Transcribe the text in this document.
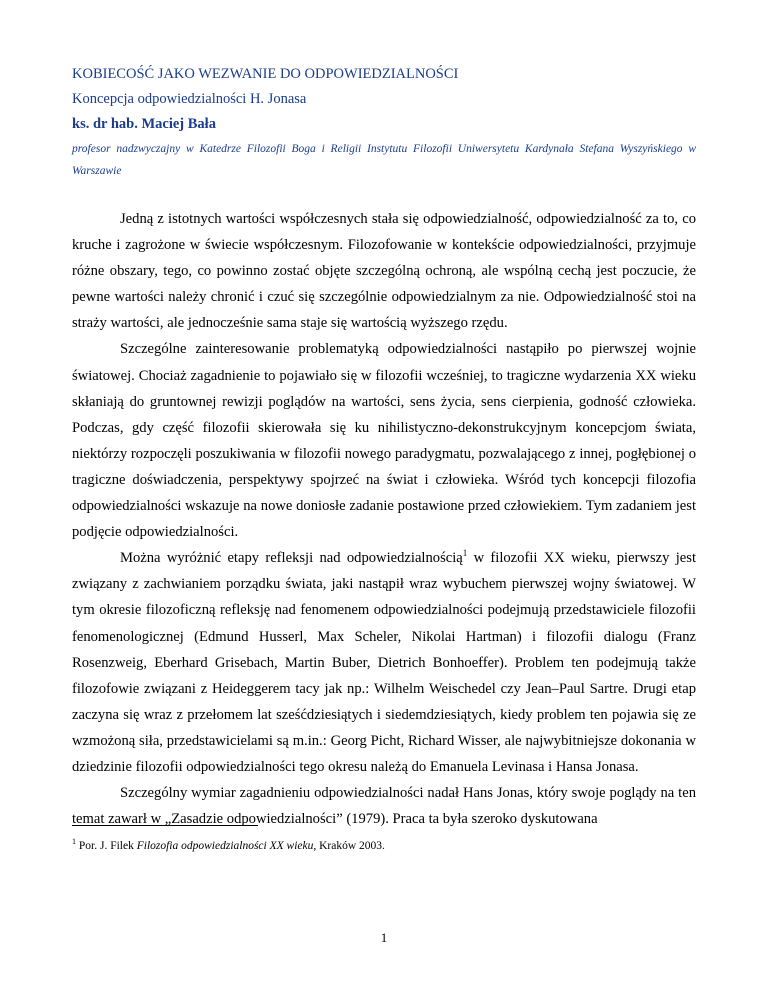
KOBIECOŚĆ JAKO WEZWANIE DO ODPOWIEDZIALNOŚCI

Koncepcja odpowiedzialności H. Jonasa

ks. dr hab. Maciej Bała

profesor nadzwyczajny w Katedrze Filozofii Boga i Religii Instytutu Filozofii Uniwersytetu Kardynała Stefana Wyszyńskiego w Warszawie

Jedną z istotnych wartości współczesnych stała się odpowiedzialność, odpowiedzialność za to, co kruche i zagrożone w świecie współczesnym. Filozofowanie w kontekście odpowiedzialności, przyjmuje różne obszary, tego, co powinno zostać objęte szczególną ochroną, ale wspólną cechą jest poczucie, że pewne wartości należy chronić i czuć się szczególnie odpowiedzialnym za nie. Odpowiedzialność stoi na straży wartości, ale jednocześnie sama staje się wartością wyższego rzędu.

Szczególne zainteresowanie problematyką odpowiedzialności nastąpiło po pierwszej wojnie światowej. Chociaż zagadnienie to pojawiało się w filozofii wcześniej, to tragiczne wydarzenia XX wieku skłaniają do gruntownej rewizji poglądów na wartości, sens życia, sens cierpienia, godność człowieka. Podczas, gdy część filozofii skierowała się ku nihilistyczno-dekonstrukcyjnym koncepcjom świata, niektórzy rozpoczęli poszukiwania w filozofii nowego paradygmatu, pozwalającego z innej, pogłębionej o tragiczne doświadczenia, perspektywy spojrzeć na świat i człowieka. Wśród tych koncepcji filozofia odpowiedzialności wskazuje na nowe doniosłe zadanie postawione przed człowiekiem. Tym zadaniem jest podjęcie odpowiedzialności.

Można wyróżnić etapy refleksji nad odpowiedzialnością$^1$ w filozofii XX wieku, pierwszy jest związany z zachwianiem porządku świata, jaki nastąpił wraz wybuchem pierwszej wojny światowej. W tym okresie filozoficzną refleksję nad fenomenem odpowiedzialności podejmują przedstawiciele filozofii fenomenologicznej (Edmund Husserl, Max Scheler, Nikolai Hartman) i filozofii dialogu (Franz Rosenzweig, Eberhard Grisebach, Martin Buber, Dietrich Bonhoeffer). Problem ten podejmują także filozofowie związani z Heideggerem tacy jak np.: Wilhelm Weischedel czy Jean–Paul Sartre. Drugi etap zaczyna się wraz z przełomem lat sześćdziesiątych i siedemdziesiątych, kiedy problem ten pojawia się ze wzmożoną siła, przedstawicielami są m.in.: Georg Picht, Richard Wisser, ale najwybitniejsze dokonania w dziedzinie filozofii odpowiedzialności tego okresu należą do Emanuela Levinasa i Hansa Jonasa.

Szczególny wymiar zagadnieniu odpowiedzialności nadał Hans Jonas, który swoje poglądy na ten temat zawarł w „Zasadzie odpowiedzialności” (1979). Praca ta była szeroko dyskutowana

$^1$ Por. J. Filek Filozofia odpowiedzialności XX wieku, Kraków 2003.
1
